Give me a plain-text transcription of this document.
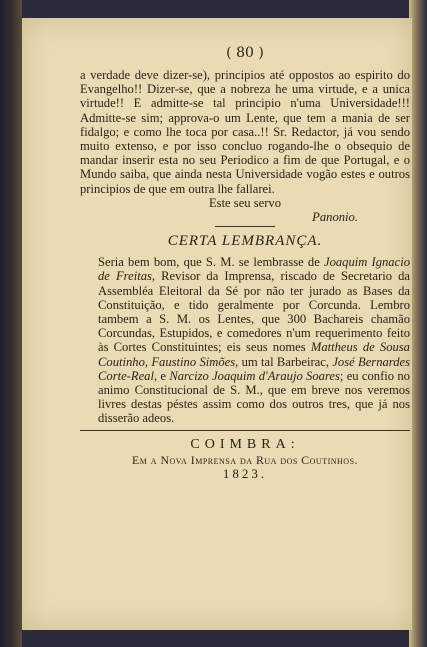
( 80 )

a verdade deve dizer-se), principios até oppostos ao espirito do Evangelho!! Dizer-se, que a nobreza he uma virtude, e a unica virtude!! E admitte-se tal principio n'uma Universidade!!! Admitte-se sim; approva-o um Lente, que tem a mania de ser fidalgo; e como lhe toca por casa..!! Sr. Redactor, já vou sendo muito extenso, e por isso concluo rogando-lhe o obsequio de mandar inserir esta no seu Periodico a fim de que Portugal, e o Mundo saiba, que ainda nesta Universidade vogão estes e outros principios de que em outra lhe fallarei.

Este seu servo
Panonio.
CERTA LEMBRANÇA.

Seria bem bom, que S. M. se lembrasse de Joaquim Ignacio de Freitas, Revisor da Imprensa, riscado de Secretario da Assembléa Eleitoral da Sé por não ter jurado as Bases da Constituição, e tido geralmente por Corcunda. Lembro tambem a S. M. os Lentes, que 300 Bachareis chamão Corcundas, Estupidos, e comedores n'um requerimento feito às Cortes Constituintes; eis seus nomes Mattheus de Sousa Coutinho, Faustino Simões, um tal Barbeirac, José Bernardes Corte-Real, e Narcizo Joaquim d'Araujo Soares; eu confio no animo Constitucional de S. M., que em breve nos veremos livres destas péstes assim como dos outros tres, que já nos disserão adeos.

COIMBRA:
Em a Nova Imprensa da Rua dos Coutinhos.
1823.
